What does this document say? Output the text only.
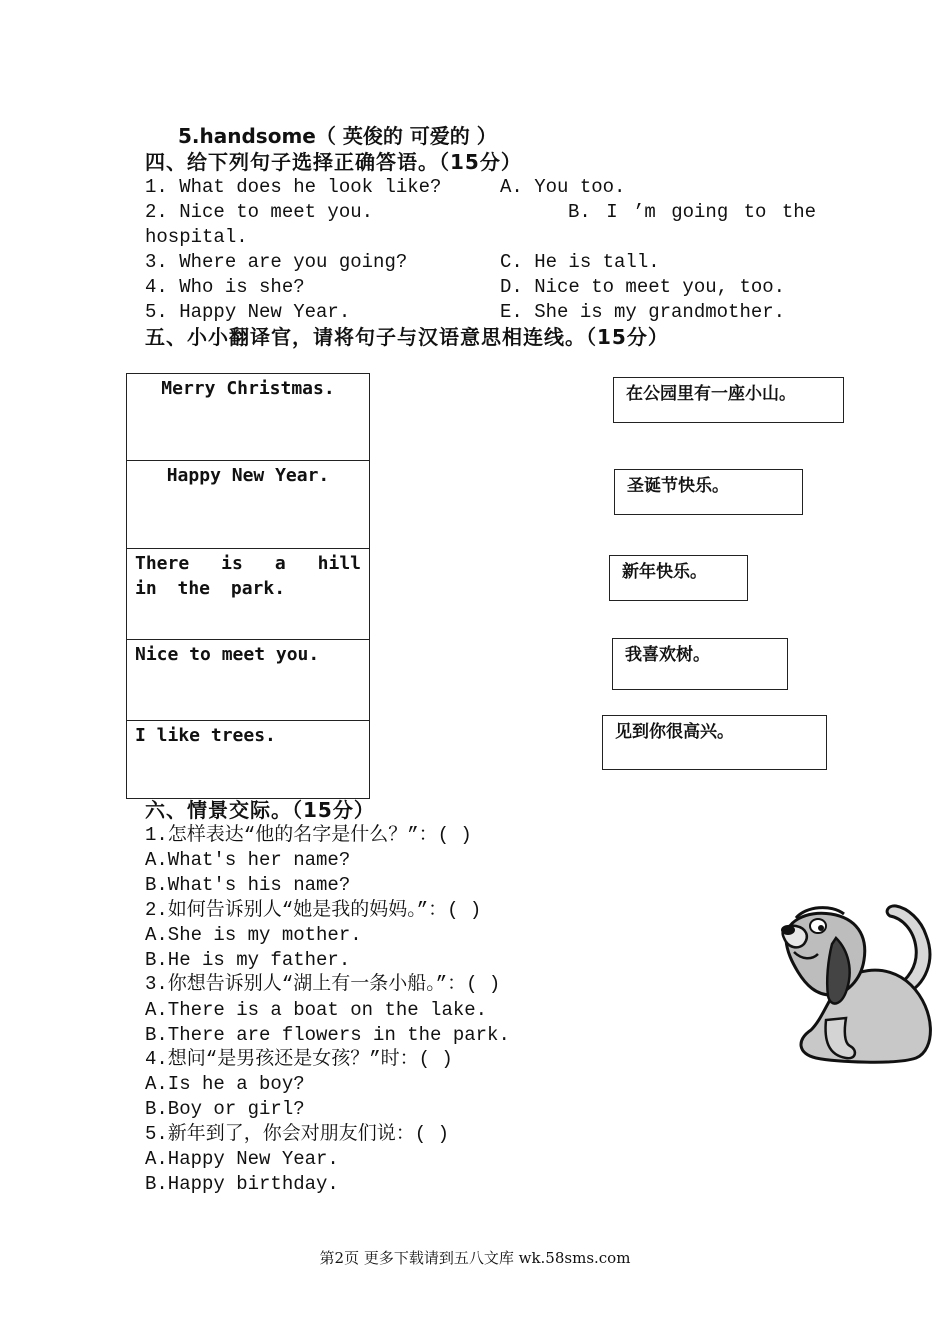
5.handsome（ 英俊的 可爱的 ）
四、给下列句子选择正确答语。（15分）
1. What does he look like?	A. You too.
2. Nice to meet you.	B. I ’m going to the
hospital.
3. Where are you going?	C. He is tall.
4. Who is she?	D. Nice to meet you, too.
5. Happy New Year.	E. She is my grandmother.
五、小小翻译官，请将句子与汉语意思相连线。（15分）
Merry Christmas.
Happy New Year.
There is a hill in the park.
Nice to meet you.
I like trees.
在公园里有一座小山。
圣诞节快乐。
新年快乐。
我喜欢树。
见到你很高兴。
六、情景交际。（15分）
1.怎样表达“他的名字是什么？”：( )
A.What's her name?
B.What's his name?
2.如何告诉别人“她是我的妈妈。”：( )
A.She is my mother.
B.He is my father.
3.你想告诉别人“湖上有一条小船。”：( )
A.There is a boat on the lake.
B.There are flowers in the park.
4.想问“是男孩还是女孩？”时：( )
A.Is he a boy?
B.Boy or girl?
5.新年到了，你会对朋友们说：( )
A.Happy New Year.
B.Happy birthday.
第2页 更多下载请到五八文库 wk.58sms.com
